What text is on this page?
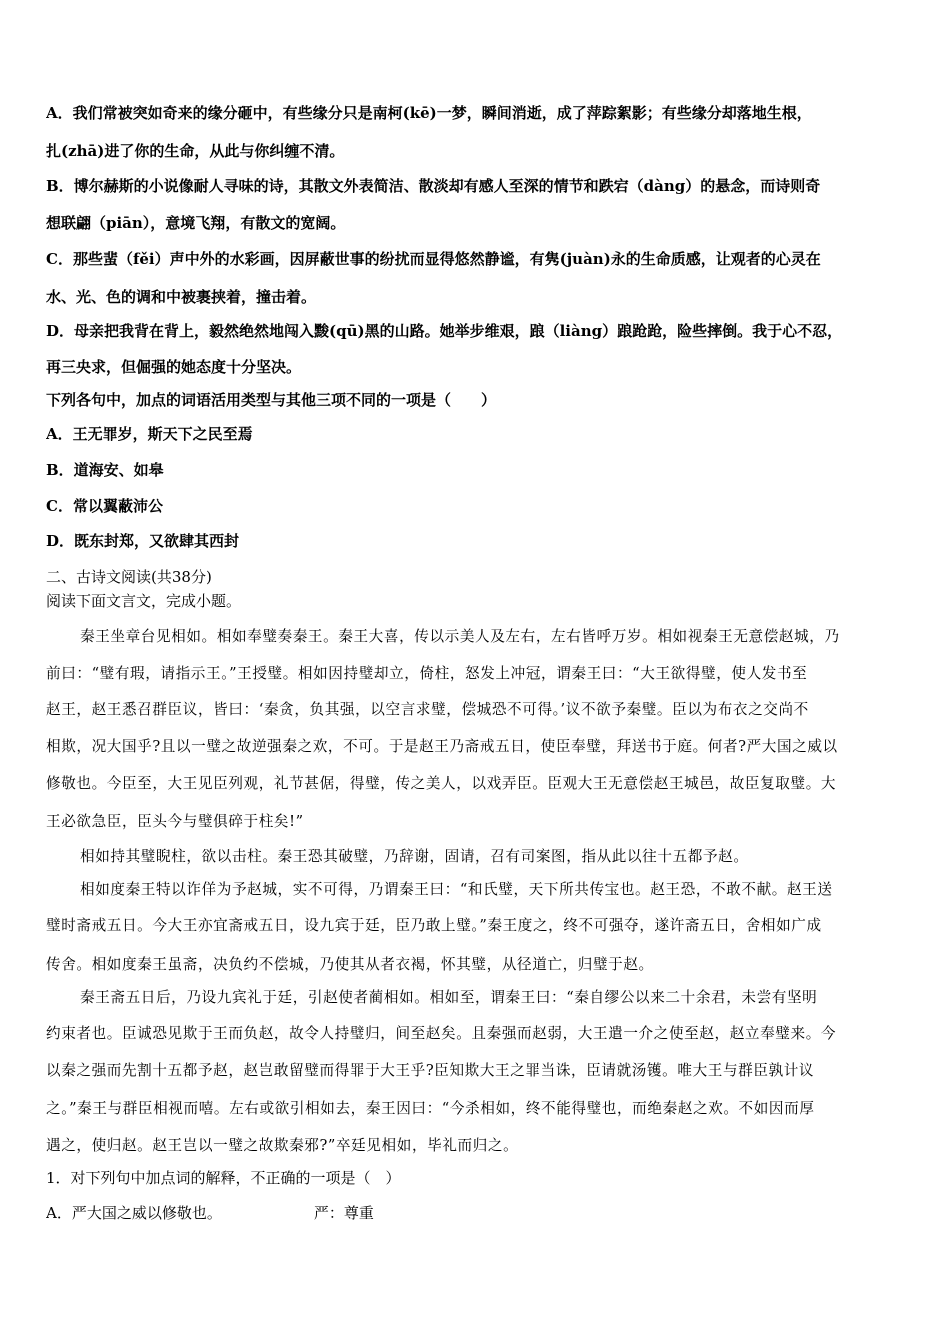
A．我们常被突如奇来的缘分砸中，有些缘分只是南柯(kē)一梦，瞬间消逝，成了萍踪絮影；有些缘分却落地生根，
扎(zhā)进了你的生命，从此与你纠缠不清。
B．博尔赫斯的小说像耐人寻味的诗，其散文外表简洁、散淡却有感人至深的情节和跌宕（dàng）的悬念，而诗则奇
想联翩（piān），意境飞翔，有散文的宽阔。
C．那些蜚（fěi）声中外的水彩画，因屏蔽世事的纷扰而显得悠然静谧，有隽(juàn)永的生命质感，让观者的心灵在
水、光、色的调和中被裹挟着，撞击着。
D．母亲把我背在背上，毅然绝然地闯入黢(qū)黑的山路。她举步维艰，踉（liàng）踉跄跄，险些摔倒。我于心不忍，
再三央求，但倔强的她态度十分坚决。
下列各句中，加点的词语活用类型与其他三项不同的一项是（　　）
A．王无罪岁，斯天下之民至焉
B．道海安、如皋
C．常以翼蔽沛公
D．既东封郑，又欲肆其西封
二、古诗文阅读(共38分)
阅读下面文言文，完成小题。
秦王坐章台见相如。相如奉璧奏秦王。秦王大喜，传以示美人及左右，左右皆呼万岁。相如视秦王无意偿赵城，乃
前曰：“璧有瑕，请指示王。”王授璧。相如因持璧却立，倚柱，怒发上冲冠，谓秦王曰：“大王欲得璧，使人发书至
赵王，赵王悉召群臣议，皆曰：‘秦贪，负其强，以空言求璧，偿城恐不可得。’议不欲予秦璧。臣以为布衣之交尚不
相欺，况大国乎?且以一璧之故逆强秦之欢，不可。于是赵王乃斋戒五日，使臣奉璧，拜送书于庭。何者?严大国之威以
修敬也。今臣至，大王见臣列观，礼节甚倨，得璧，传之美人，以戏弄臣。臣观大王无意偿赵王城邑，故臣复取璧。大
王必欲急臣，臣头今与璧俱碎于柱矣!”
相如持其璧睨柱，欲以击柱。秦王恐其破璧，乃辞谢，固请，召有司案图，指从此以往十五都予赵。
相如度秦王特以诈佯为予赵城，实不可得，乃谓秦王曰：“和氏璧，天下所共传宝也。赵王恐，不敢不献。赵王送
璧时斋戒五日。今大王亦宜斋戒五日，设九宾于廷，臣乃敢上璧。”秦王度之，终不可强夺，遂许斋五日，舍相如广成
传舍。相如度秦王虽斋，决负约不偿城，乃使其从者衣褐，怀其璧，从径道亡，归璧于赵。
秦王斋五日后，乃设九宾礼于廷，引赵使者蔺相如。相如至，谓秦王曰：“秦自缪公以来二十余君，未尝有坚明
约束者也。臣诚恐见欺于王而负赵，故令人持璧归，间至赵矣。且秦强而赵弱，大王遣一介之使至赵，赵立奉璧来。今
以秦之强而先割十五都予赵，赵岂敢留璧而得罪于大王乎?臣知欺大王之罪当诛，臣请就汤镬。唯大王与群臣孰计议
之。”秦王与群臣相视而嘻。左右或欲引相如去，秦王因曰：“今杀相如，终不能得璧也，而绝秦赵之欢。不如因而厚
遇之，使归赵。赵王岂以一璧之故欺秦邪?”卒廷见相如，毕礼而归之。
1．对下列句中加点词的解释，不正确的一项是（　）
A．严大国之威以修敬也。	严：尊重
